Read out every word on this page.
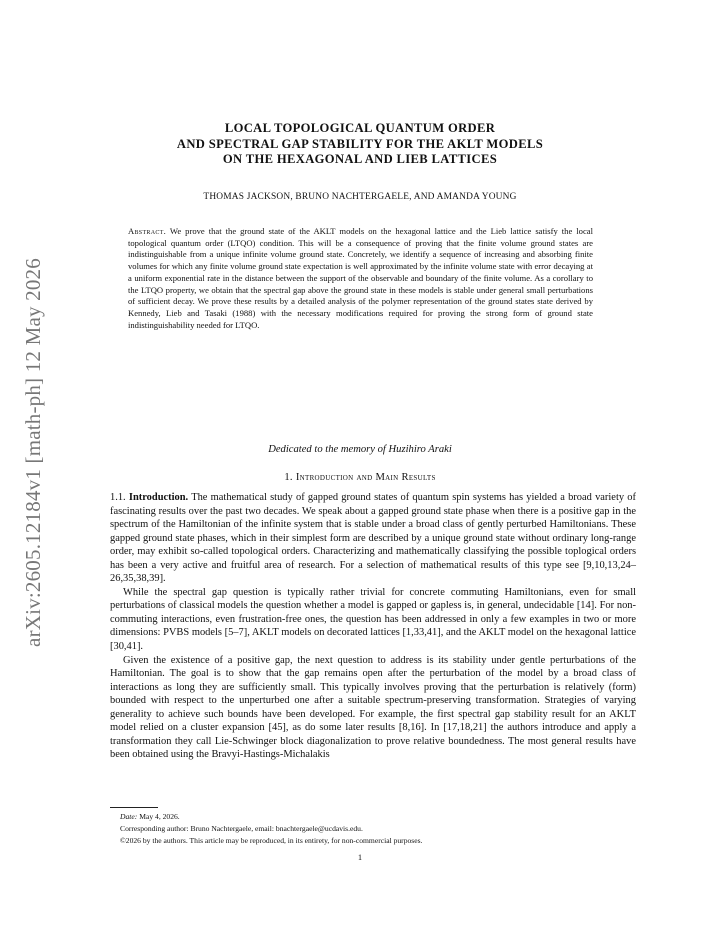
arXiv:2605.12184v1 [math-ph] 12 May 2026
LOCAL TOPOLOGICAL QUANTUM ORDER
AND SPECTRAL GAP STABILITY FOR THE AKLT MODELS
ON THE HEXAGONAL AND LIEB LATTICES
THOMAS JACKSON, BRUNO NACHTERGAELE, AND AMANDA YOUNG
Abstract. We prove that the ground state of the AKLT models on the hexagonal lattice and the Lieb lattice satisfy the local topological quantum order (LTQO) condition. This will be a consequence of proving that the finite volume ground states are indistinguishable from a unique infinite volume ground state. Concretely, we identify a sequence of increasing and absorbing finite volumes for which any finite volume ground state expectation is well approximated by the infinite volume state with error decaying at a uniform exponential rate in the distance between the support of the observable and boundary of the finite volume. As a corollary to the LTQO property, we obtain that the spectral gap above the ground state in these models is stable under general small perturbations of sufficient decay. We prove these results by a detailed analysis of the polymer representation of the ground states state derived by Kennedy, Lieb and Tasaki (1988) with the necessary modifications required for proving the strong form of ground state indistinguishability needed for LTQO.
Dedicated to the memory of Huzihiro Araki
1. Introduction and Main Results

1.1. Introduction. The mathematical study of gapped ground states of quantum spin systems has yielded a broad variety of fascinating results over the past two decades. We speak about a gapped ground state phase when there is a positive gap in the spectrum of the Hamiltonian of the infinite system that is stable under a broad class of gently perturbed Hamiltonians. These gapped ground state phases, which in their simplest form are described by a unique ground state without ordinary long-range order, may exhibit so-called topological orders. Characterizing and mathematically classifying the possible toplogical orders has been a very active and fruitful area of research. For a selection of mathematical results of this type see [9,10,13,24–26,35,38,39].

While the spectral gap question is typically rather trivial for concrete commuting Hamiltonians, even for small perturbations of classical models the question whether a model is gapped or gapless is, in general, undecidable [14]. For non-commuting interactions, even frustration-free ones, the question has been addressed in only a few examples in two or more dimensions: PVBS models [5–7], AKLT models on decorated lattices [1,33,41], and the AKLT model on the hexagonal lattice [30,41].

Given the existence of a positive gap, the next question to address is its stability under gentle perturbations of the Hamiltonian. The goal is to show that the gap remains open after the perturbation of the model by a broad class of interactions as long they are sufficiently small. This typically involves proving that the perturbation is relatively (form) bounded with respect to the unperturbed one after a suitable spectrum-preserving transformation. Strategies of varying generality to achieve such bounds have been developed. For example, the first spectral gap stability result for an AKLT model relied on a cluster expansion [45], as do some later results [8,16]. In [17,18,21] the authors introduce and apply a transformation they call Lie-Schwinger block diagonalization to prove relative boundedness. The most general results have been obtained using the Bravyi-Hastings-Michalakis

Date: May 4, 2026.
Corresponding author: Bruno Nachtergaele, email: bnachtergaele@ucdavis.edu.
©2026 by the authors. This article may be reproduced, in its entirety, for non-commercial purposes.
1
